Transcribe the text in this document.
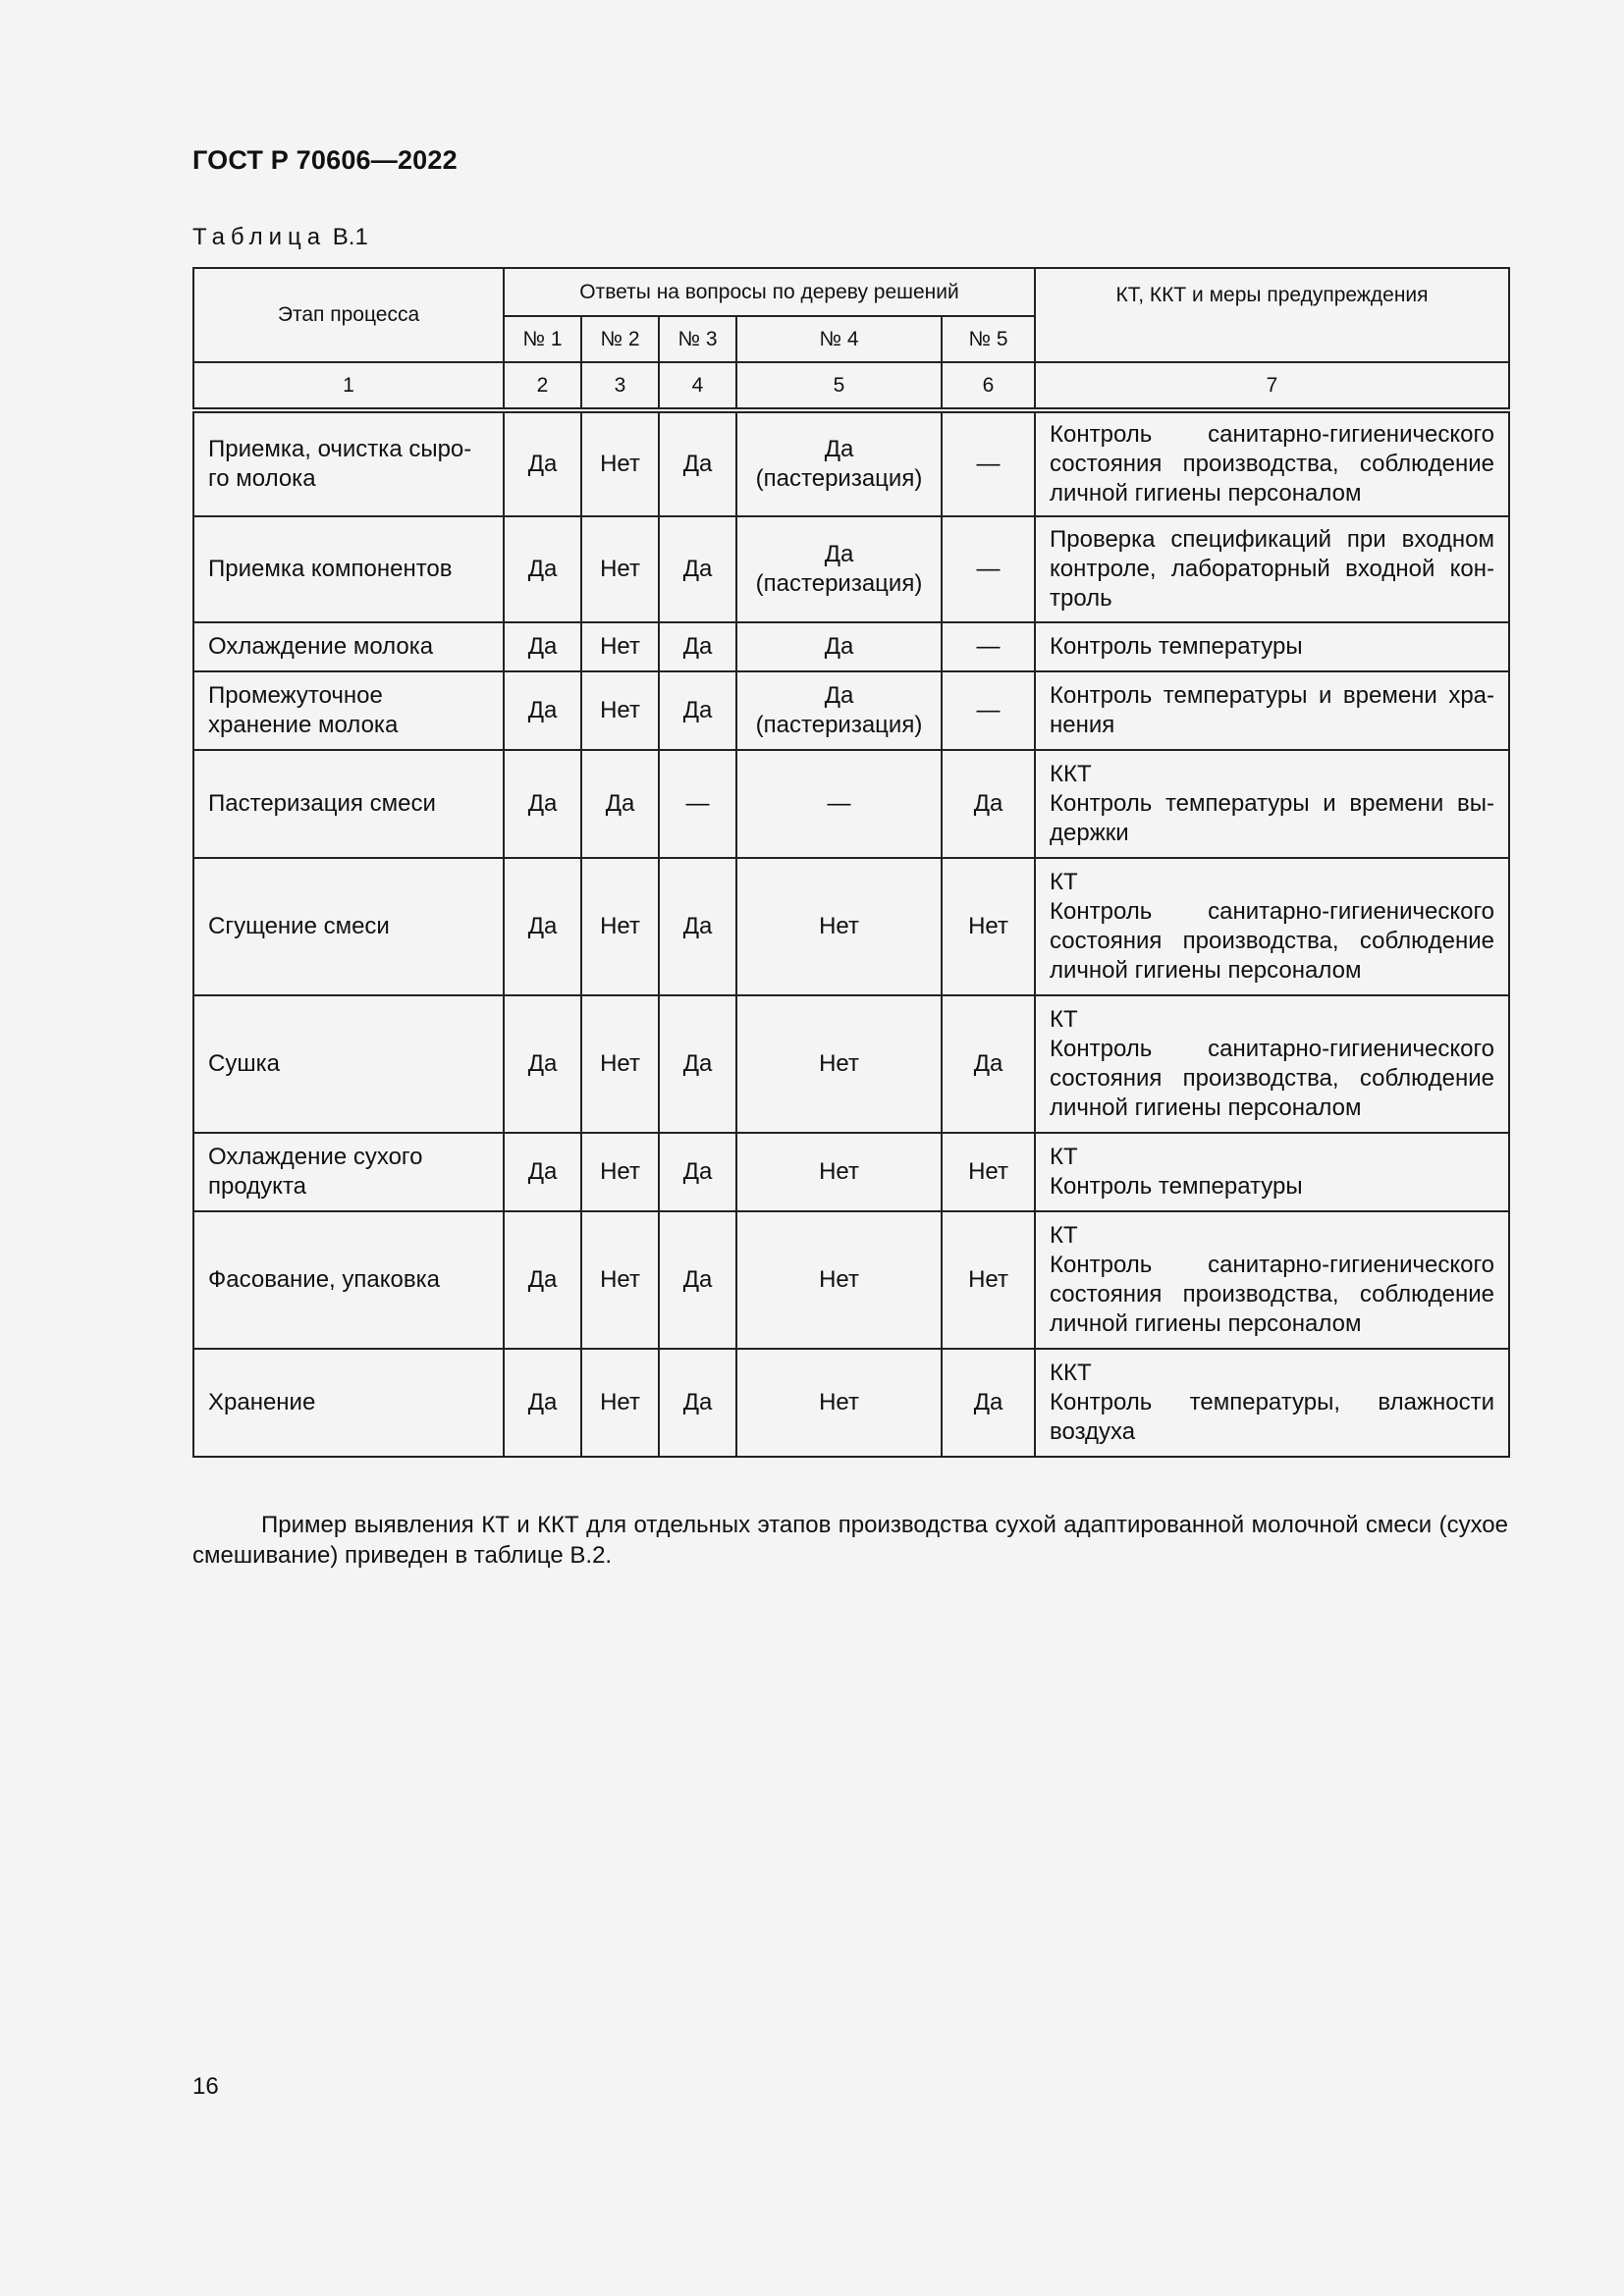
ГОСТ Р 70606—2022
Таблица В.1
Этап процесса	Ответы на вопросы по дереву решений					КТ, ККТ и меры предупреждения
	№ 1	№ 2	№ 3	№ 4	№ 5	
1	2	3	4	5	6	7
Приемка, очистка сыро-го молока	Да	Нет	Да	Да (пастеризация)	—	Контроль санитарно-гигиенического состояния производства, соблюдение личной гигиены персоналом

Приемка компонентов	Да	Нет	Да	Да (пастеризация)	—	Проверка спецификаций при входном контроле, лабораторный входной кон-троль

Охлаждение молока	Да	Нет	Да	Да	—	Контроль температуры

Промежуточное хранение молока	Да	Нет	Да	Да (пастеризация)	—	Контроль температуры и времени хра-нения

Пастеризация смеси	Да	Да	—	—	Да	ККТ
Контроль температуры и времени вы-держки

Сгущение смеси	Да	Нет	Да	Нет	Нет	КТ
Контроль санитарно-гигиенического состояния производства, соблюдение личной гигиены персоналом

Сушка	Да	Нет	Да	Нет	Да	КТ
Контроль санитарно-гигиенического состояния производства, соблюдение личной гигиены персоналом

Охлаждение сухого продукта	Да	Нет	Да	Нет	Нет	КТ
Контроль температуры

Фасование, упаковка	Да	Нет	Да	Нет	Нет	КТ
Контроль санитарно-гигиенического состояния производства, соблюдение личной гигиены персоналом

Хранение	Да	Нет	Да	Нет	Да	ККТ
Контроль температуры, влажности воздуха
Пример выявления КТ и ККТ для отдельных этапов производства сухой адаптированной молочной смеси (сухое смешивание) приведен в таблице В.2.
16
